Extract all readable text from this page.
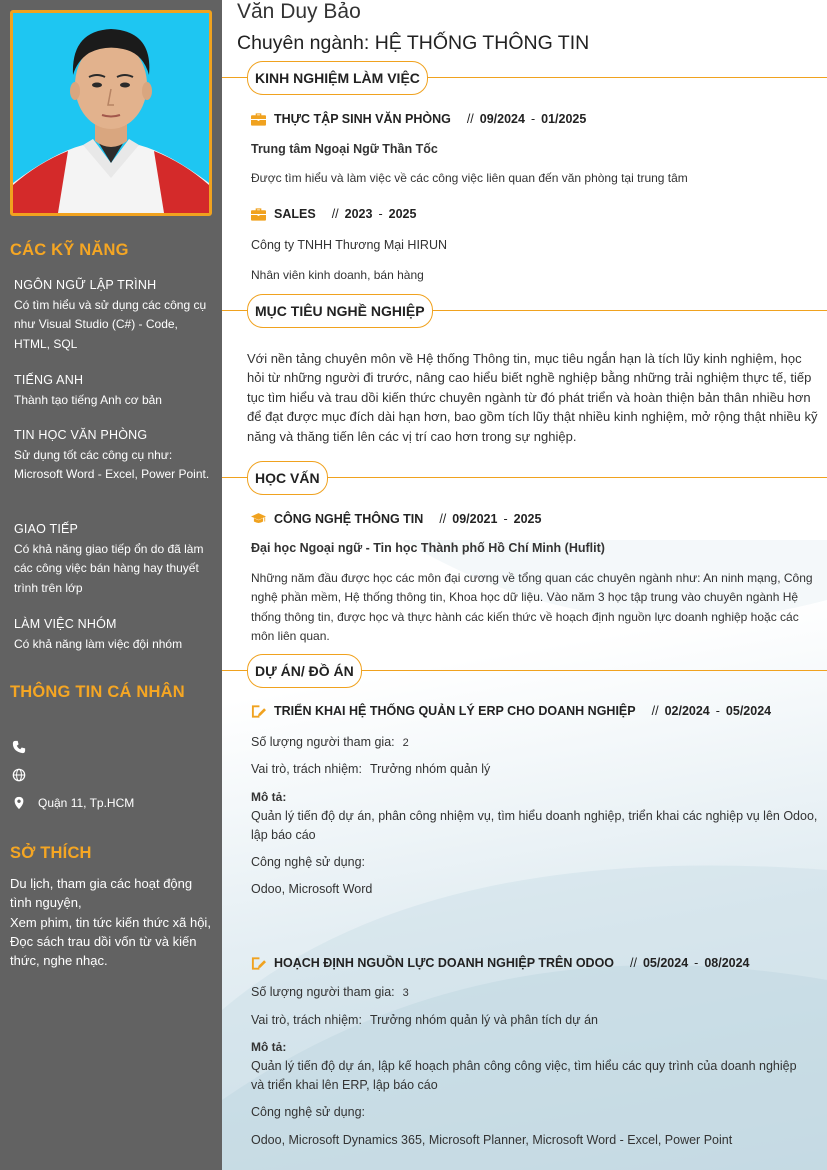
CÁC KỸ NĂNG
NGÔN NGỮ LẬP TRÌNH
Có tìm hiểu và sử dụng các công cụ như Visual Studio (C#) - Code, HTML, SQL
TIẾNG ANH
Thành tạo tiếng Anh cơ bản
TIN HỌC VĂN PHÒNG
Sử dụng tốt các công cụ như: Microsoft Word - Excel, Power Point.
GIAO TIẾP
Có khả năng giao tiếp ổn do đã làm các công việc bán hàng hay thuyết trình trên lớp
LÀM VIỆC NHÓM
Có khả năng làm việc đội nhóm
THÔNG TIN CÁ NHÂN
Quận 11, Tp.HCM
SỞ THÍCH
Du lịch, tham gia các hoạt động tình nguyện,
Xem phim, tin tức kiến thức xã hội,
Đọc sách trau dồi vốn từ và kiến thức, nghe nhạc.
Văn Duy Bảo
Chuyên ngành: HỆ THỐNG THÔNG TIN
KINH NGHIỆM LÀM VIỆC
THỰC TẬP SINH VĂN PHÒNG // 09/2024 - 01/2025
Trung tâm Ngoại Ngữ Thần Tốc
Được tìm hiểu và làm việc về các công việc liên quan đến văn phòng tại trung tâm
SALES // 2023 - 2025
Công ty TNHH Thương Mại HIRUN
Nhân viên kinh doanh, bán hàng
MỤC TIÊU NGHỀ NGHIỆP
Với nền tảng chuyên môn về Hệ thống Thông tin, mục tiêu ngắn hạn là tích lũy kinh nghiệm, học hỏi từ những người đi trước, nâng cao hiểu biết nghề nghiệp bằng những trải nghiệm thực tế, tiếp tục tìm hiểu và trau dồi kiến thức chuyên ngành từ đó phát triển và hoàn thiện bản thân nhiều hơn để đạt được mục đích dài hạn hơn, bao gồm tích lũy thật nhiều kinh nghiệm, mở rộng thật nhiều kỹ năng và thăng tiến lên các vị trí cao hơn trong sự nghiệp.
HỌC VẤN
CÔNG NGHỆ THÔNG TIN // 09/2021 - 2025
Đại học Ngoại ngữ - Tin học Thành phố Hồ Chí Minh (Huflit)
Những năm đầu được học các môn đại cương về tổng quan các chuyên ngành như: An ninh mạng, Công nghệ phần mềm, Hệ thống thông tin, Khoa học dữ liệu. Vào năm 3 học tập trung vào chuyên ngành Hệ thống thông tin, được học và thực hành các kiến thức về hoạch định nguồn lực doanh nghiệp hoặc các môn liên quan.
DỰ ÁN/ ĐỒ ÁN
TRIỂN KHAI HỆ THỐNG QUẢN LÝ ERP CHO DOANH NGHIỆP // 02/2024 - 05/2024
Số lượng người tham gia: 2
Vai trò, trách nhiệm: Trưởng nhóm quản lý
Mô tả:
Quản lý tiến độ dự án, phân công nhiệm vụ, tìm hiểu doanh nghiệp, triển khai các nghiệp vụ lên Odoo, lập báo cáo
Công nghệ sử dụng:
Odoo, Microsoft Word
HOẠCH ĐỊNH NGUỒN LỰC DOANH NGHIỆP TRÊN ODOO // 05/2024 - 08/2024
Số lượng người tham gia: 3
Vai trò, trách nhiệm: Trưởng nhóm quản lý và phân tích dự án
Mô tả:
Quản lý tiến độ dự án, lập kế hoạch phân công công việc, tìm hiểu các quy trình của doanh nghiệp và triển khai lên ERP, lập báo cáo
Công nghệ sử dụng:
Odoo, Microsoft Dynamics 365, Microsoft Planner, Microsoft Word - Excel, Power Point
